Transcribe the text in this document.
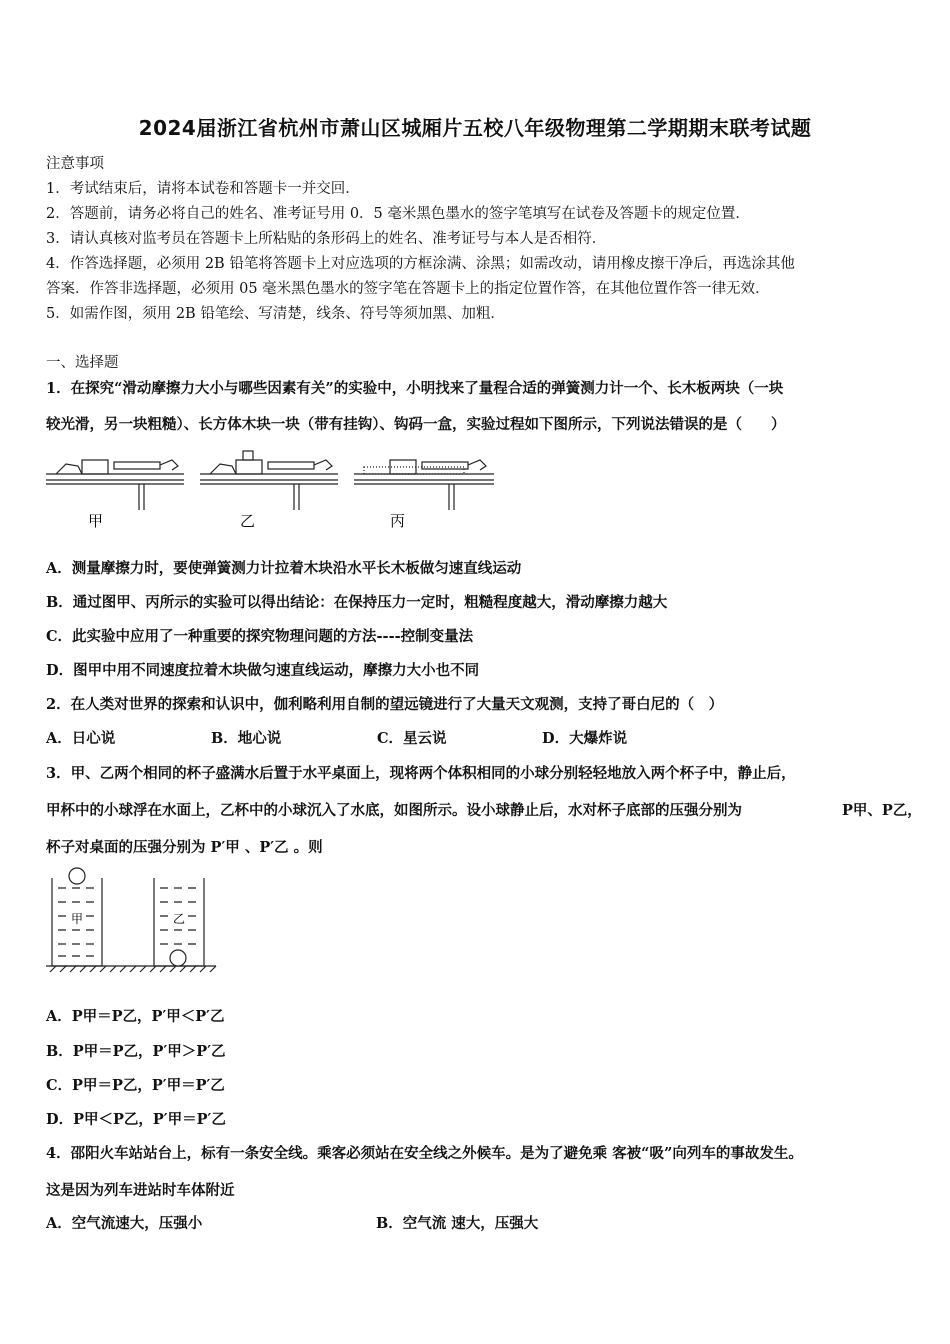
2024届浙江省杭州市萧山区城厢片五校八年级物理第二学期期末联考试题
注意事项
1．考试结束后，请将本试卷和答题卡一并交回．
2．答题前，请务必将自己的姓名、准考证号用 0．5 毫米黑色墨水的签字笔填写在试卷及答题卡的规定位置．
3．请认真核对监考员在答题卡上所粘贴的条形码上的姓名、准考证号与本人是否相符．
4．作答选择题，必须用 2B 铅笔将答题卡上对应选项的方框涂满、涂黑；如需改动，请用橡皮擦干净后，再选涂其他
答案．作答非选择题，必须用 05 毫米黑色墨水的签字笔在答题卡上的指定位置作答，在其他位置作答一律无效．
5．如需作图，须用 2B 铅笔绘、写清楚，线条、符号等须加黑、加粗．
一、选择题
1．在探究“滑动摩擦力大小与哪些因素有关”的实验中，小明找来了量程合适的弹簧测力计一个、长木板两块（一块
较光滑，另一块粗糙）、长方体木块一块（带有挂钩）、钩码一盒，实验过程如下图所示，下列说法错误的是（　　）
甲	乙	丙
A．测量摩擦力时，要使弹簧测力计拉着木块沿水平长木板做匀速直线运动
B．通过图甲、丙所示的实验可以得出结论：在保持压力一定时，粗糙程度越大，滑动摩擦力越大
C．此实验中应用了一种重要的探究物理问题的方法----控制变量法
D．图甲中用不同速度拉着木块做匀速直线运动，摩擦力大小也不同
2．在人类对世界的探索和认识中，伽利略利用自制的望远镜进行了大量天文观测，支持了哥白尼的（　）
A．日心说	B．地心说	C．星云说	D．大爆炸说
3．甲、乙两个相同的杯子盛满水后置于水平桌面上，现将两个体积相同的小球分别轻轻地放入两个杯子中，静止后，
甲杯中的小球浮在水面上，乙杯中的小球沉入了水底，如图所示。设小球静止后，水对杯子底部的压强分别为	P甲、P乙，
杯子对桌面的压强分别为 P′甲 、P′乙 。则
甲	乙
A．P甲＝P乙，P′甲＜P′乙
B．P甲＝P乙，P′甲＞P′乙
C．P甲＝P乙，P′甲＝P′乙
D．P甲＜P乙，P′甲＝P′乙
4．邵阳火车站站台上，标有一条安全线。乘客必须站在安全线之外候车。是为了避免乘 客被“吸”向列车的事故发生。
这是因为列车进站时车体附近
A．空气流速大，压强小	B．空气流 速大，压强大
